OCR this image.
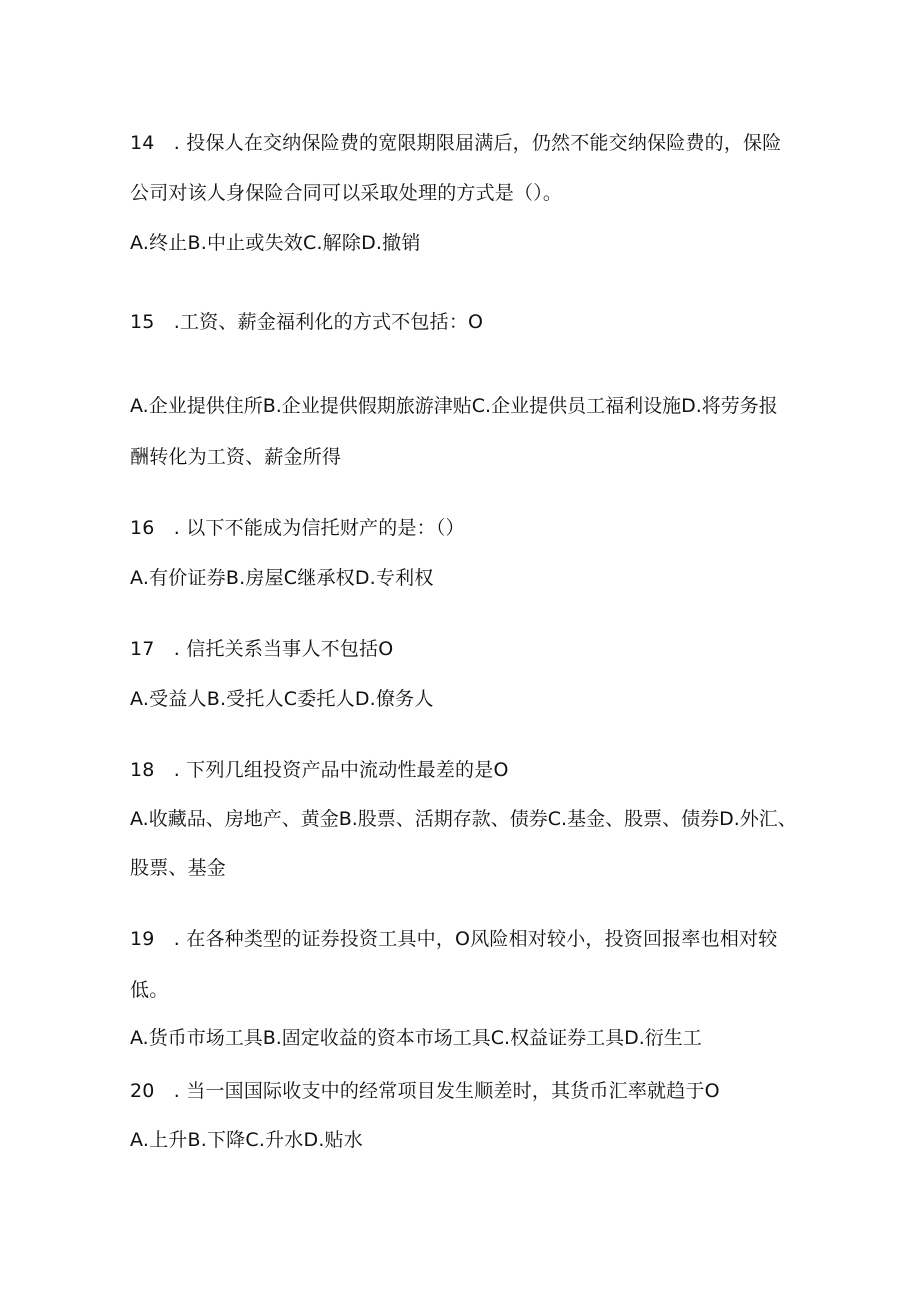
14　. 投保人在交纳保险费的宽限期限届满后，仍然不能交纳保险费的，保险
公司对该人身保险合同可以采取处理的方式是（）。
A.终止B.中止或失效C.解除D.撤销
15　.工资、薪金福利化的方式不包括：O
A.企业提供住所B.企业提供假期旅游津贴C.企业提供员工福利设施D.将劳务报
酬转化为工资、薪金所得
16　. 以下不能成为信托财产的是：（）
A.有价证券B.房屋C继承权D.专利权
17　. 信托关系当事人不包括O
A.受益人B.受托人C委托人D.僚务人
18　. 下列几组投资产品中流动性最差的是O
A.收藏品、房地产、黄金B.股票、活期存款、债券C.基金、股票、债券D.外汇、
股票、基金
19　. 在各种类型的证券投资工具中，O风险相对较小，投资回报率也相对较
低。
A.货币市场工具B.固定收益的资本市场工具C.权益证券工具D.衍生工
20　. 当一国国际收支中的经常项目发生顺差时，其货币汇率就趋于O
A.上升B.下降C.升水D.贴水
